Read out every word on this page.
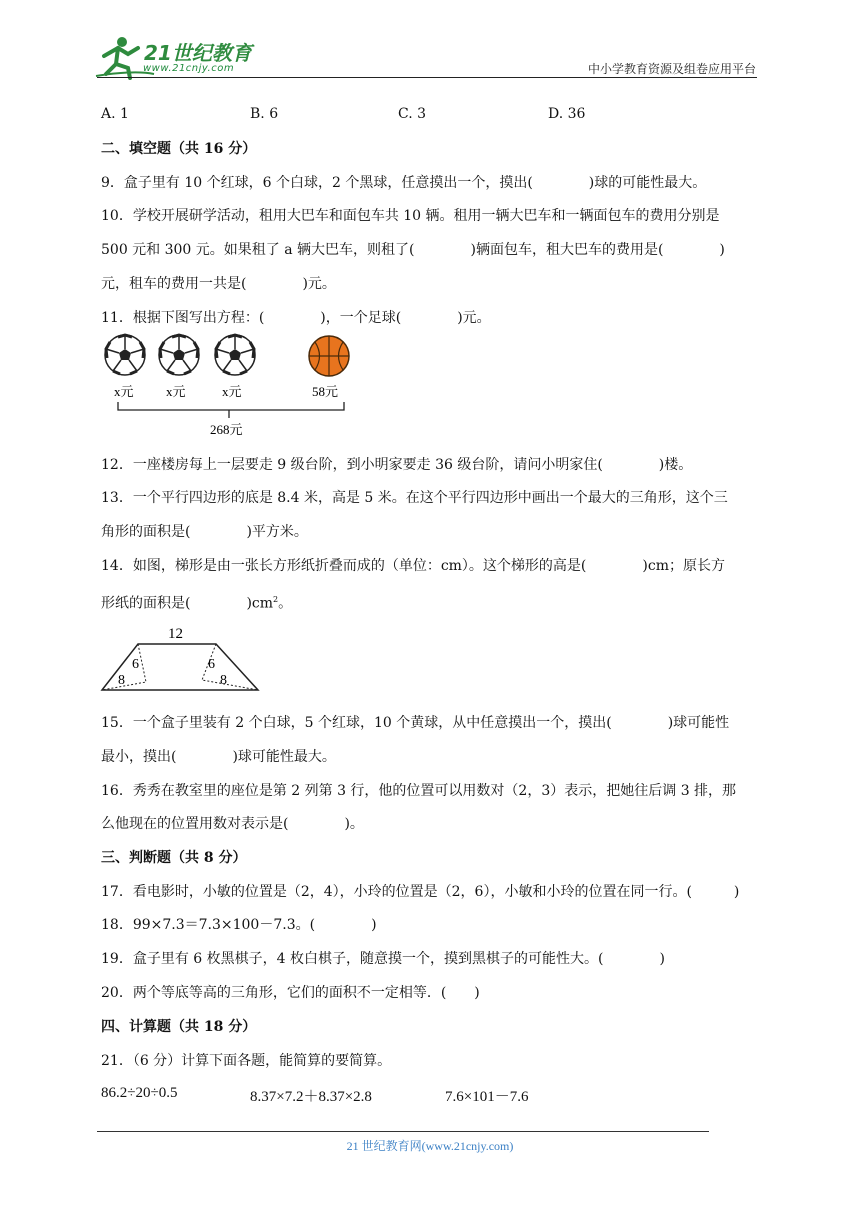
21世纪教育
www.21cnjy.com	中小学教育资源及组卷应用平台
A. 1	B. 6	C. 3	D. 36
二、填空题（共 16 分）
9．盒子里有 10 个红球，6 个白球，2 个黑球，任意摸出一个，摸出(　　　　)球的可能性最大。
10．学校开展研学活动，租用大巴车和面包车共 10 辆。租用一辆大巴车和一辆面包车的费用分别是
500 元和 300 元。如果租了 a 辆大巴车，则租了(　　　　)辆面包车，租大巴车的费用是(　　　　)
元，租车的费用一共是(　　　　)元。
11．根据下图写出方程：(　　　　)，一个足球(　　　　)元。
x元 x元	x元	58元
268元
12．一座楼房每上一层要走 9 级台阶，到小明家要走 36 级台阶，请问小明家住(　　　　)楼。
13．一个平行四边形的底是 8.4 米，高是 5 米。在这个平行四边形中画出一个最大的三角形，这个三
角形的面积是(　　　　)平方米。
14．如图，梯形是由一张长方形纸折叠而成的（单位：cm）。这个梯形的高是(　　　　)cm；原长方
形纸的面积是(　　　　)$cm^2$。
12
6
8
6
8
15．一个盒子里装有 2 个白球，5 个红球，10 个黄球，从中任意摸出一个，摸出(　　　　)球可能性
最小，摸出(　　　　)球可能性最大。
16．秀秀在教室里的座位是第 2 列第 3 行，他的位置可以用数对（2，3）表示，把她往后调 3 排，那
么他现在的位置用数对表示是(　　　　)。
三、判断题（共 8 分）
17．看电影时，小敏的位置是（2，4），小玲的位置是（2，6），小敏和小玲的位置在同一行。(　　　)
18．99×7.3＝7.3×100－7.3。(　　　　)
19．盒子里有 6 枚黑棋子，4 枚白棋子，随意摸一个，摸到黑棋子的可能性大。(　　　　)
20．两个等底等高的三角形，它们的面积不一定相等．(　　)
四、计算题（共 18 分）
21．（6 分）计算下面各题，能简算的要简算。
86.2÷20÷0.5	8.37×7.2＋8.37×2.8	7.6×101－7.6
21 世纪教育网(www.21cnjy.com)
